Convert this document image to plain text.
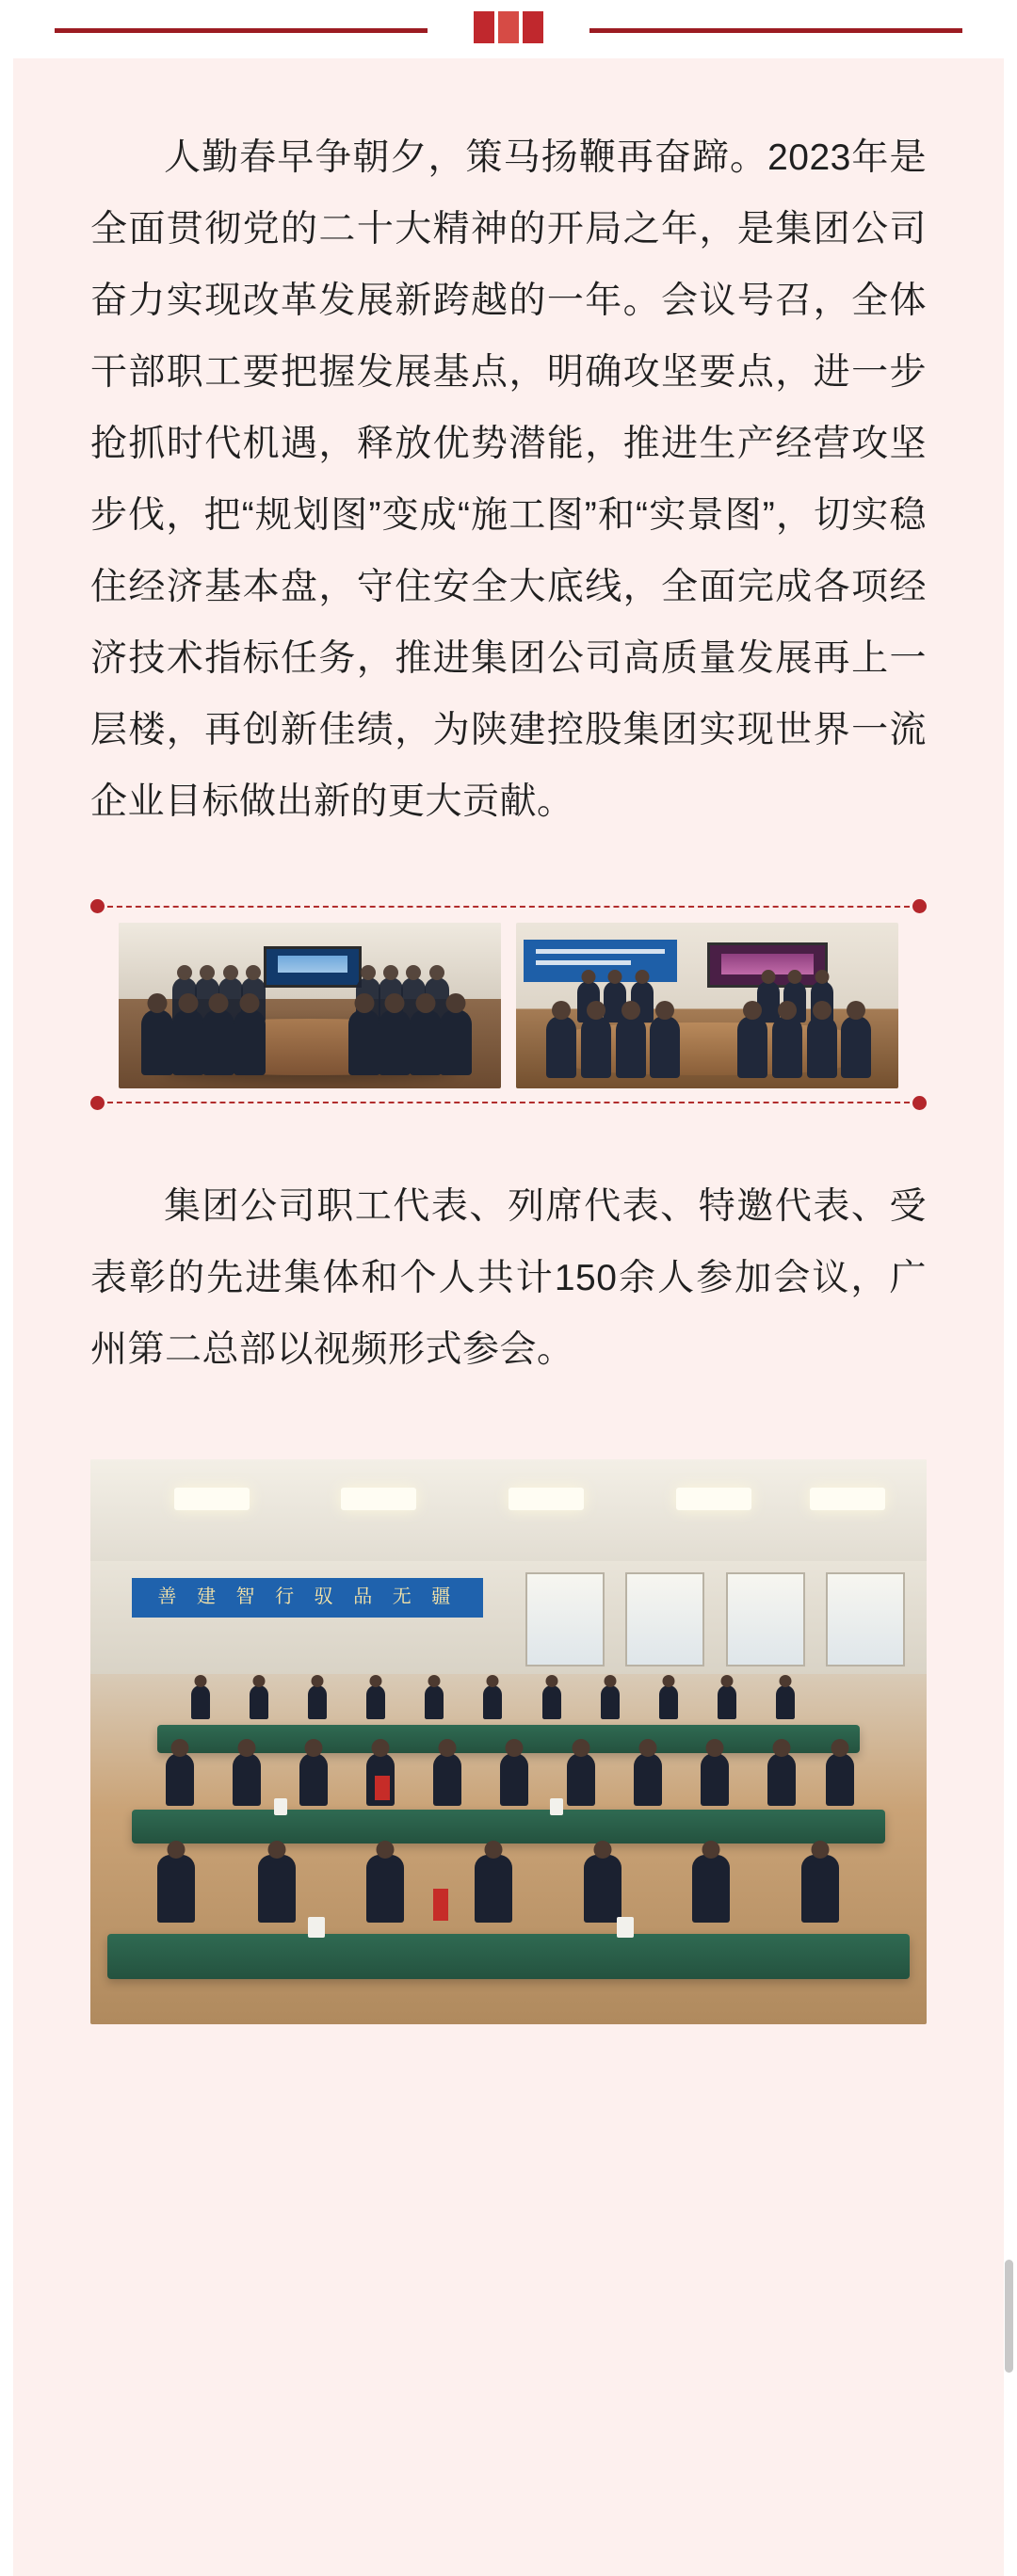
人勤春早争朝夕，策马扬鞭再奋蹄。2023年是全面贯彻党的二十大精神的开局之年，是集团公司奋力实现改革发展新跨越的一年。会议号召，全体干部职工要把握发展基点，明确攻坚要点，进一步抢抓时代机遇，释放优势潜能，推进生产经营攻坚步伐，把“规划图”变成“施工图”和“实景图”，切实稳住经济基本盘，守住安全大底线，全面完成各项经济技术指标任务，推进集团公司高质量发展再上一层楼，再创新佳绩，为陕建控股集团实现世界一流企业目标做出新的更大贡献。

集团公司职工代表、列席代表、特邀代表、受表彰的先进集体和个人共计150余人参加会议，广州第二总部以视频形式参会。

善 建 智 行 驭 品 无 疆
